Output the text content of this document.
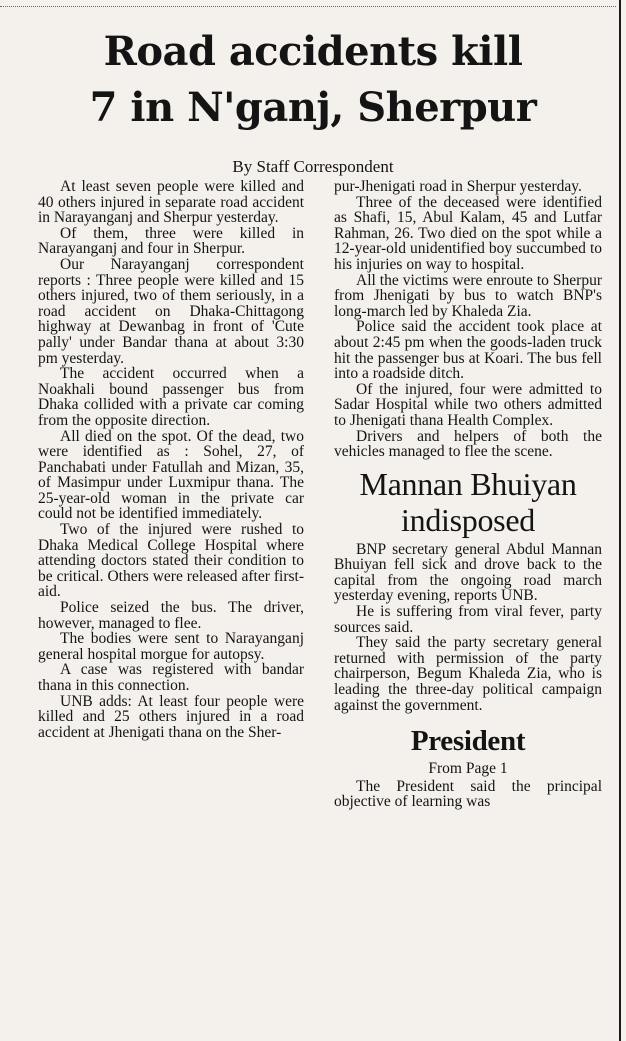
Road accidents kill
7 in N'ganj, Sherpur
By Staff Correspondent

At least seven people were killed and 40 others injured in separate road accident in Narayanganj and Sherpur yesterday.

Of them, three were killed in Narayanganj and four in Sherpur.

Our Narayanganj correspondent reports : Three people were killed and 15 others injured, two of them seriously, in a road accident on Dhaka-Chittagong highway at Dewanbag in front of 'Cute pally' under Bandar thana at about 3:30 pm yesterday.

The accident occurred when a Noakhali bound passenger bus from Dhaka collided with a private car coming from the opposite direction.

All died on the spot. Of the dead, two were identified as : Sohel, 27, of Panchabati under Fatullah and Mizan, 35, of Masimpur under Luxmipur thana. The 25-year-old woman in the private car could not be identified immediately.

Two of the injured were rushed to Dhaka Medical College Hospital where attending doctors stated their condition to be critical. Others were released after first-aid.

Police seized the bus. The driver, however, managed to flee.

The bodies were sent to Narayanganj general hospital morgue for autopsy.

A case was registered with bandar thana in this connection.

UNB adds: At least four people were killed and 25 others injured in a road accident at Jhenigati thana on the Sher-

pur-Jhenigati road in Sherpur yesterday.

Three of the deceased were identified as Shafi, 15, Abul Kalam, 45 and Lutfar Rahman, 26. Two died on the spot while a 12-year-old unidentified boy succumbed to his injuries on way to hospital.

All the victims were enroute to Sherpur from Jhenigati by bus to watch BNP's long-march led by Khaleda Zia.

Police said the accident took place at about 2:45 pm when the goods-laden truck hit the passenger bus at Koari. The bus fell into a roadside ditch.

Of the injured, four were admitted to Sadar Hospital while two others admitted to Jhenigati thana Health Complex.

Drivers and helpers of both the vehicles managed to flee the scene.

Mannan Bhuiyan
indisposed

BNP secretary general Abdul Mannan Bhuiyan fell sick and drove back to the capital from the ongoing road march yesterday evening, reports UNB.

He is suffering from viral fever, party sources said.

They said the party secretary general returned with permission of the party chairperson, Begum Khaleda Zia, who is leading the three-day political campaign against the government.

President
From Page 1

The President said the principal objective of learning was
